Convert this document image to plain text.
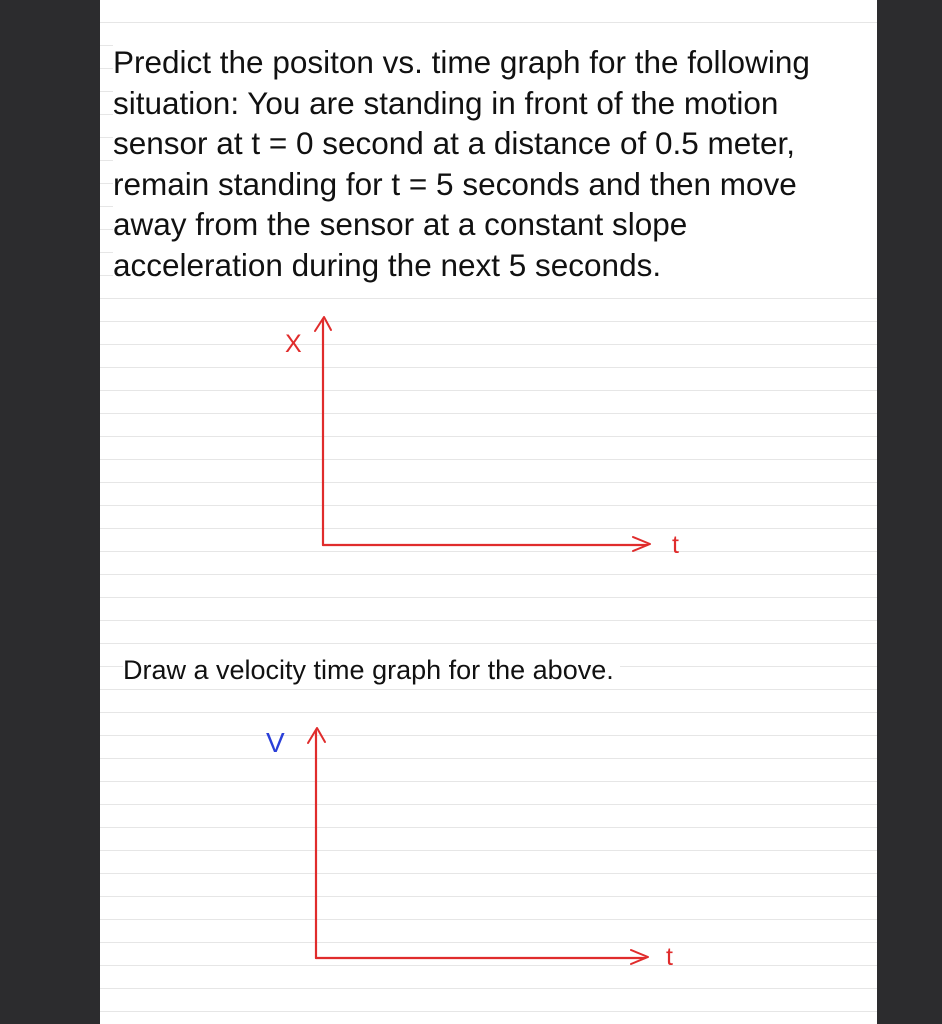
Predict the positon vs. time graph for the following
situation: You are standing in front of the motion
sensor at t = 0 second at a distance of 0.5 meter,
remain standing for t = 5 seconds and then move
away from the sensor at a constant slope
acceleration during the next 5 seconds.

X
t
V
t

Draw a velocity time graph for the above.
